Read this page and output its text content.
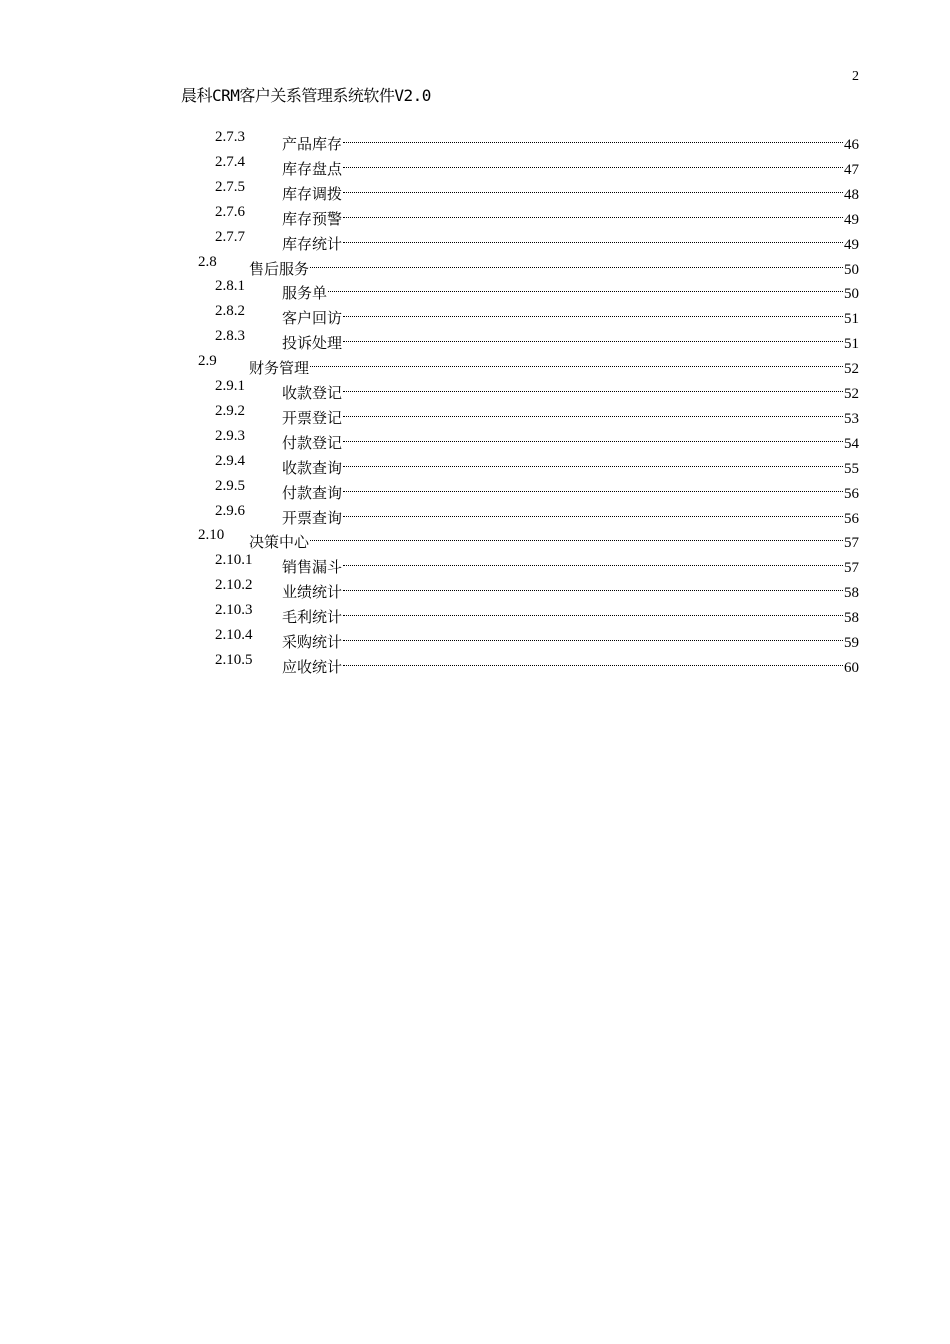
2
晨科CRM客户关系管理系统软件V2.0
2.7.3 产品库存	46
2.7.4 库存盘点	47
2.7.5 库存调拨	48
2.7.6 库存预警	49
2.7.7 库存统计	49
2.8 售后服务	50
2.8.1 服务单	50
2.8.2 客户回访	51
2.8.3 投诉处理	51
2.9 财务管理	52
2.9.1 收款登记	52
2.9.2 开票登记	53
2.9.3 付款登记	54
2.9.4 收款查询	55
2.9.5 付款查询	56
2.9.6 开票查询	56
2.10 决策中心	57
2.10.1 销售漏斗	57
2.10.2 业绩统计	58
2.10.3 毛利统计	58
2.10.4 采购统计	59
2.10.5 应收统计	60
